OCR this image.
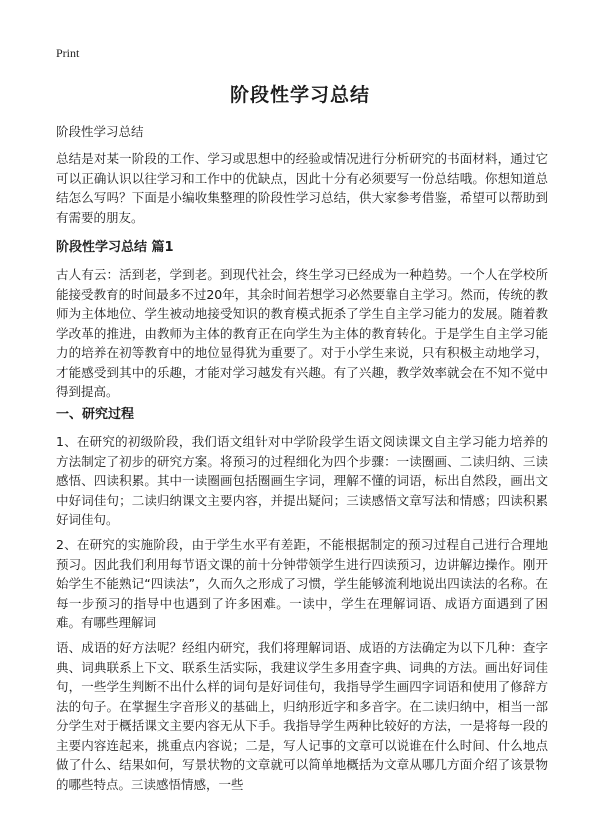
Print
阶段性学习总结

阶段性学习总结

总结是对某一阶段的工作、学习或思想中的经验或情况进行分析研究的书面材料，通过它可以正确认识以往学习和工作中的优缺点，因此十分有必须要写一份总结哦。你想知道总结怎么写吗？下面是小编收集整理的阶段性学习总结，供大家参考借鉴，希望可以帮助到有需要的朋友。

阶段性学习总结 篇1

古人有云：活到老，学到老。到现代社会，终生学习已经成为一种趋势。一个人在学校所能接受教育的时间最多不过20年，其余时间若想学习必然要靠自主学习。然而，传统的教师为主体地位、学生被动地接受知识的教育模式扼杀了学生自主学习能力的发展。随着教学改革的推进，由教师为主体的教育正在向学生为主体的教育转化。于是学生自主学习能力的培养在初等教育中的地位显得犹为重要了。对于小学生来说，只有积极主动地学习，才能感受到其中的乐趣，才能对学习越发有兴趣。有了兴趣，教学效率就会在不知不觉中得到提高。

一、研究过程

1、在研究的初级阶段，我们语文组针对中学阶段学生语文阅读课文自主学习能力培养的方法制定了初步的研究方案。将预习的过程细化为四个步骤：一读圈画、二读归纳、三读感悟、四读积累。其中一读圈画包括圈画生字词，理解不懂的词语，标出自然段，画出文中好词佳句；二读归纳课文主要内容，并提出疑问；三读感悟文章写法和情感；四读积累好词佳句。

2、在研究的实施阶段，由于学生水平有差距，不能根据制定的预习过程自己进行合理地预习。因此我们利用每节语文课的前十分钟带领学生进行四读预习，边讲解边操作。刚开始学生不能熟记“四读法”，久而久之形成了习惯，学生能够流利地说出四读法的名称。在每一步预习的指导中也遇到了许多困难。一读中，学生在理解词语、成语方面遇到了困难。有哪些理解词

语、成语的好方法呢？经组内研究，我们将理解词语、成语的方法确定为以下几种：查字典、词典联系上下文、联系生活实际，我建议学生多用查字典、词典的方法。画出好词佳句，一些学生判断不出什么样的词句是好词佳句，我指导学生画四字词语和使用了修辞方法的句子。在掌握生字音形义的基础上，归纳形近字和多音字。在二读归纳中，相当一部分学生对于概括课文主要内容无从下手。我指导学生两种比较好的方法，一是将每一段的主要内容连起来，挑重点内容说；二是，写人记事的文章可以说谁在什么时间、什么地点做了什么、结果如何，写景状物的文章就可以简单地概括为文章从哪几方面介绍了该景物的哪些特点。三读感悟情感，一些
